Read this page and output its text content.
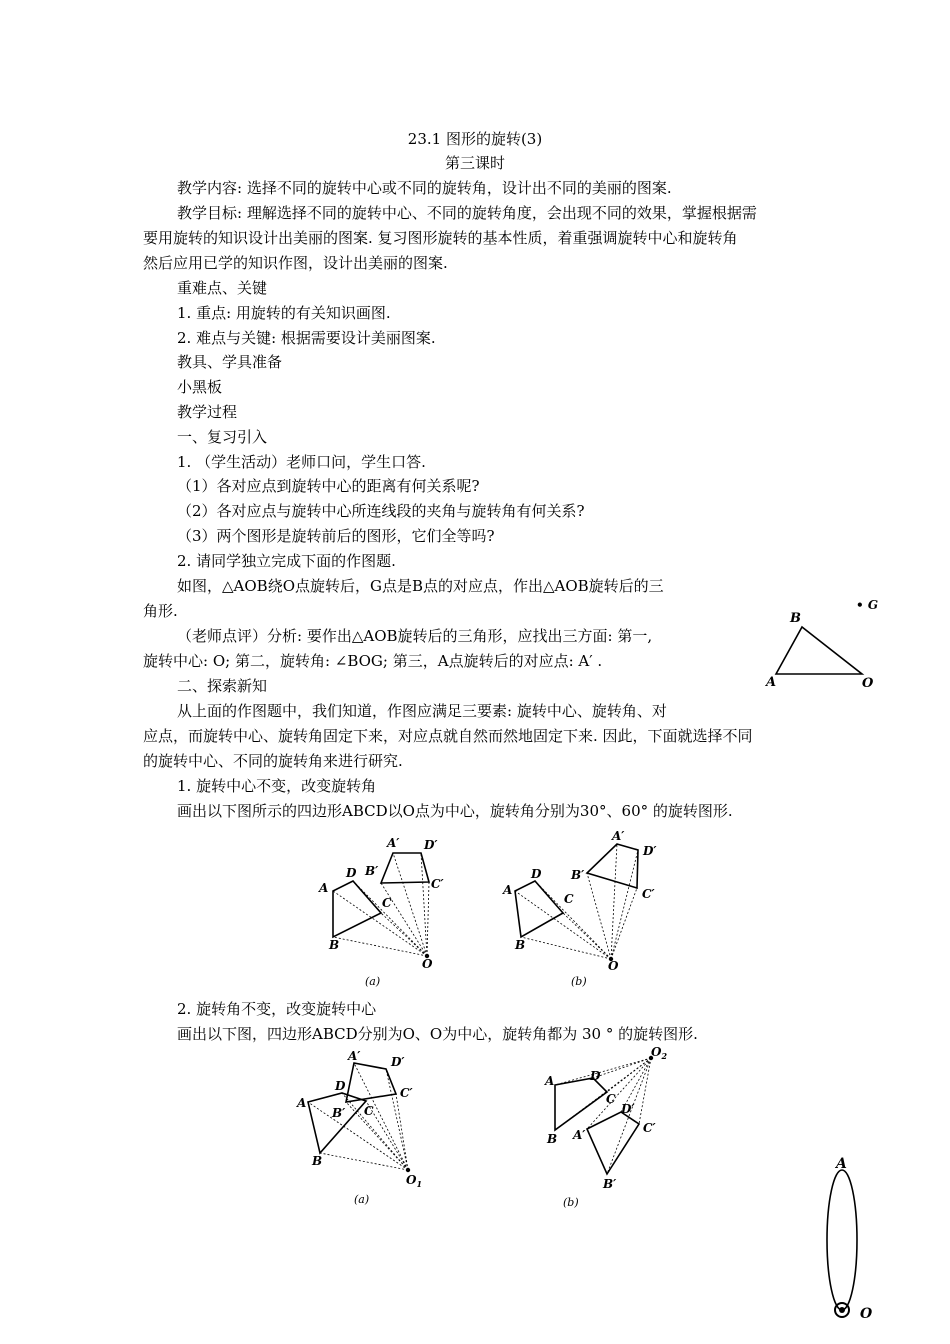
23.1 图形的旋转(3)
第三课时
教学内容: 选择不同的旋转中心或不同的旋转角，设计出不同的美丽的图案.
教学目标: 理解选择不同的旋转中心、不同的旋转角度，会出现不同的效果，掌握根据需
要用旋转的知识设计出美丽的图案. 复习图形旋转的基本性质，着重强调旋转中心和旋转角
然后应用已学的知识作图，设计出美丽的图案.
重难点、关键
1. 重点: 用旋转的有关知识画图.
2. 难点与关键: 根据需要设计美丽图案.
教具、学具准备
小黑板
教学过程
一、复习引入
1. （学生活动）老师口问，学生口答.
（1）各对应点到旋转中心的距离有何关系呢?
（2）各对应点与旋转中心所连线段的夹角与旋转角有何关系?
（3）两个图形是旋转前后的图形，它们全等吗?
2. 请同学独立完成下面的作图题.
如图，△AOB绕O点旋转后，G点是B点的对应点，作出△AOB旋转后的三
角形.
（老师点评）分析: 要作出△AOB旋转后的三角形，应找出三方面: 第一,
旋转中心: O; 第二，旋转角: ∠BOG; 第三，A点旋转后的对应点: A′ .
二、探索新知
从上面的作图题中，我们知道，作图应满足三要素: 旋转中心、旋转角、对
应点，而旋转中心、旋转角固定下来，对应点就自然而然地固定下来. 因此，下面就选择不同
的旋转中心、不同的旋转角来进行研究.
1. 旋转中心不变，改变旋转角
画出以下图所示的四边形ABCD以O点为中心，旋转角分别为30°、60° 的旋转图形.
2. 旋转角不变，改变旋转中心
画出以下图，四边形ABCD分别为O、O为中心，旋转角都为 30 ° 的旋转图形.
B
A	O
• G
A
D
C
B
O
A′ D′
C′
B′
(a)
A
D
C
B
O
A′
D′
C′
B′
(b)
A
D
C
B
$O_1$
A′	D′
C′
B′
(a)
A	D
C
B
$O_2$
A′
D′
C′
B′
(b)
A
O
